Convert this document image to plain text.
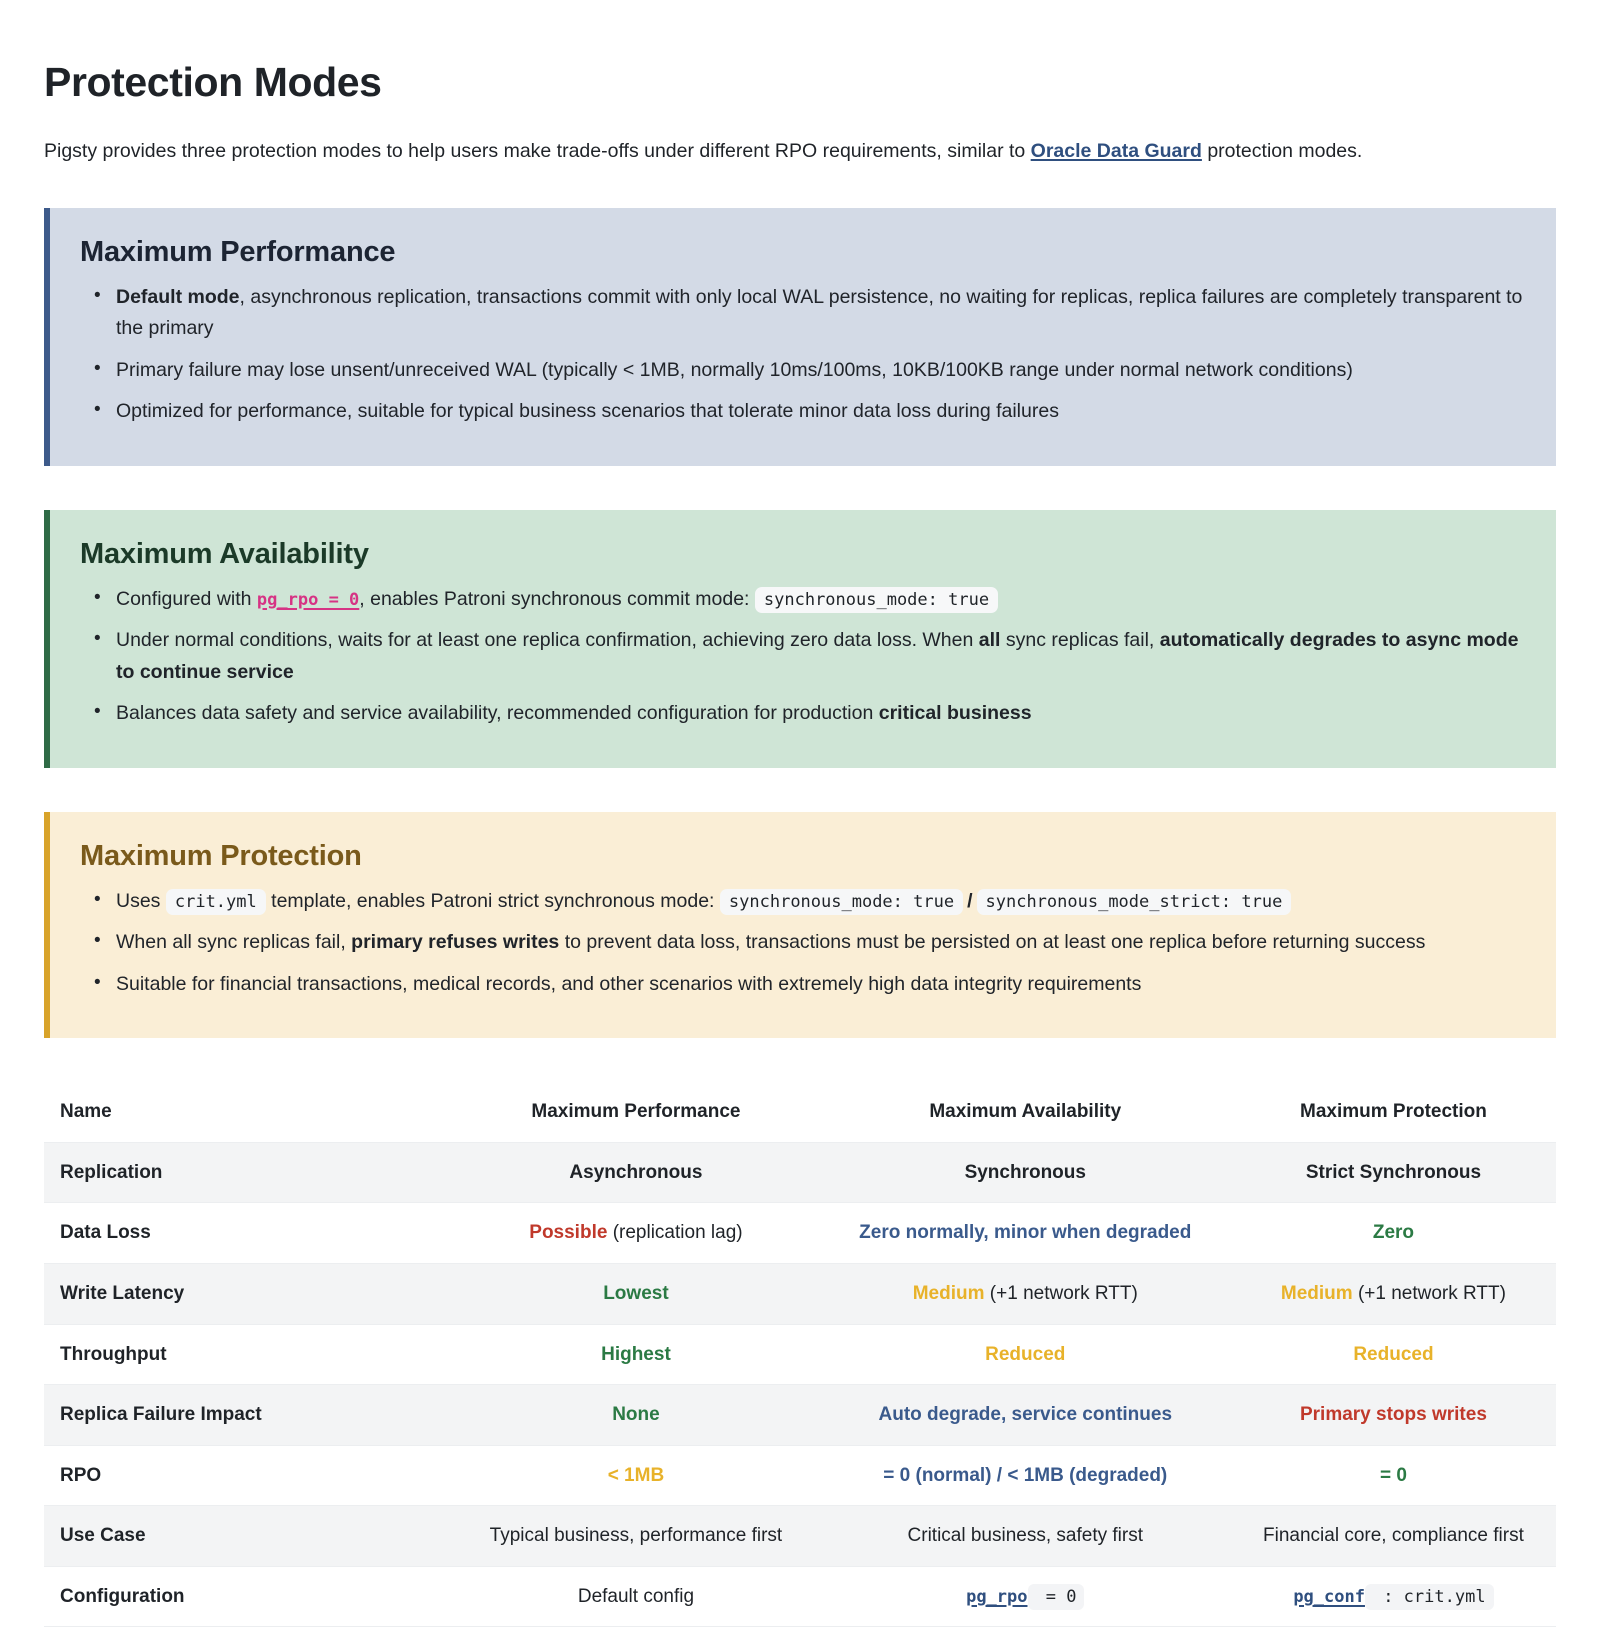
Protection Modes

Pigsty provides three protection modes to help users make trade-offs under different RPO requirements, similar to Oracle Data Guard protection modes.

Maximum Performance
• Default mode, asynchronous replication, transactions commit with only local WAL persistence, no waiting for replicas, replica failures are completely transparent to the primary
• Primary failure may lose unsent/unreceived WAL (typically < 1MB, normally 10ms/100ms, 10KB/100KB range under normal network conditions)
• Optimized for performance, suitable for typical business scenarios that tolerate minor data loss during failures
Maximum Availability
• Configured with pg_rpo = 0, enables Patroni synchronous commit mode: synchronous_mode: true
• Under normal conditions, waits for at least one replica confirmation, achieving zero data loss. When all sync replicas fail, automatically degrades to async mode to continue service
• Balances data safety and service availability, recommended configuration for production critical business
Maximum Protection
• Uses crit.yml template, enables Patroni strict synchronous mode: synchronous_mode: true / synchronous_mode_strict: true
• When all sync replicas fail, primary refuses writes to prevent data loss, transactions must be persisted on at least one replica before returning success
• Suitable for financial transactions, medical records, and other scenarios with extremely high data integrity requirements
Name	Maximum Performance	Maximum Availability	Maximum Protection
Replication	Asynchronous	Synchronous	Strict Synchronous
Data Loss	Possible (replication lag)	Zero normally, minor when degraded	Zero
Write Latency	Lowest	Medium (+1 network RTT)	Medium (+1 network RTT)
Throughput	Highest	Reduced	Reduced
Replica Failure Impact	None	Auto degrade, service continues	Primary stops writes
RPO	< 1MB	= 0 (normal) / < 1MB (degraded)	= 0
Use Case	Typical business, performance first	Critical business, safety first	Financial core, compliance first
Configuration	Default config	pg_rpo = 0	pg_conf : crit.yml
